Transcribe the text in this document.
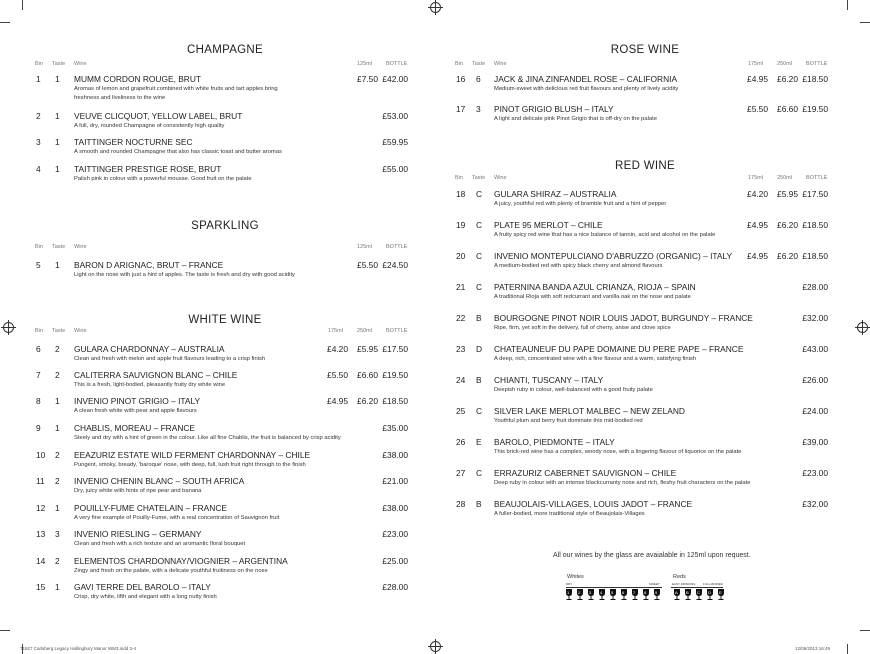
CHAMPAGNE
Bin Taste Wine	125ml	BOTTLE
1 1 MUMM CORDON ROUGE, BRUT
Aromas of lemon and grapefruit combined with white fruits and tart apples bring freshness and liveliness to the wine
£7.50 £42.00
2 1 VEUVE CLICQUOT, YELLOW LABEL, BRUT
A full, dry, rounded Champagne of consistently high quality
£53.00
3 1 TAITTINGER NOCTURNE SEC
A smooth and rounded Champagne that also has classic toast and butter aromas
£59.95
4 1 TAITTINGER PRESTIGE ROSE, BRUT
Palish pink in colour with a powerful mousse. Good fruit on the palate
£55.00
SPARKLING
Bin Taste Wine	125ml	BOTTLE
5 1 BARON D ARIGNAC, BRUT – FRANCE
Light on the nose with just a hint of apples. The taste is fresh and dry with good acidity
£5.50 £24.50
WHITE WINE
Bin Taste Wine	175ml	250ml	BOTTLE
6 2 GULARA CHARDONNAY – AUSTRALIA
Clean and fresh with melon and apple fruit flavours leading to a crisp finish
£4.20	£5.95 £17.50
7 2 CALITERRA SAUVIGNON BLANC – CHILE
This is a fresh, light-bodied, pleasantly fruity dry white wine
£5.50	£6.60 £19.50
8 1 INVENIO PINOT GRIGIO – ITALY
A clean fresh white with pear and apple flavours
£4.95	£6.20 £18.50
9 1 CHABLIS, MOREAU – FRANCE
Steely and dry with a hint of green in the colour. Like all fine Chablis, the fruit is balanced by crisp acidity
£35.00
10 2 EEAZURIZ ESTATE WILD FERMENT CHARDONNAY – CHILE
Pungent, smoky, bready, 'baroque' nose, with deep, full, lush fruit right through to the finish
£38.00
11 2 INVENIO CHENIN BLANC – SOUTH AFRICA
Dry, juicy white with hints of ripe pear and banana
£21.00
12 1 POUILLY-FUME CHATELAIN – FRANCE
A very fine example of Pouilly-Fume, with a real concentration of Sauvignon fruit
£38.00
13 3 INVENIO RIESLING – GERMANY
Clean and fresh with a rich texture and an aromantic floral bouquet
£23.00
14 2 ELEMENTOS CHARDONNAY/VIOGNIER – ARGENTINA
Zingy and fresh on the palate, with a delicate youthful fruitiness on the nose
£25.00
15 1 GAVI TERRE DEL BAROLO – ITALY
Crisp, dry white, lifth and elegant with a long nutty finish
£28.00
ROSE WINE
Bin Taste Wine	175ml	250ml	BOTTLE
16 6 JACK & JINA ZINFANDEL ROSE – CALIFORNIA
Medium-sweet with delicious red fruit flavours and plenty of lively acidity
£4.95	£6.20 £18.50
17 3 PINOT GRIGIO BLUSH – ITALY
A light and delicate pink Pinot Grigio that is off-dry on the palate
£5.50	£6.60 £19.50
RED WINE
Bin Taste Wine	175ml	250ml	BOTTLE
18 C GULARA SHIRAZ – AUSTRALIA
A juicy, youthful red with plenty of bramble fruit and a hint of pepper
£4.20	£5.95 £17.50
19 C PLATE 95 MERLOT – CHILE
A fruity spicy red wine that has a nice balance of tannin, acid and alcohol on the palate
£4.95	£6.20 £18.50
20 C INVENIO MONTEPULCIANO D'ABRUZZO (ORGANIC) – ITALY
A medium-bodied red with spicy black cherry and almond flavours
£4.95	£6.20 £18.50
21 C PATERNINA BANDA AZUL CRIANZA, RIOJA – SPAIN
A traditional Rioja with soft redcurrant and vanilla oak on the nose and palate
£28.00
22 B BOURGOGNE PINOT NOIR LOUIS JADOT, BURGUNDY – FRANCE
Ripe, firm, yet soft in the delivery, full of cherry, anise and clove spice
£32.00
23 D CHATEAUNEUF DU PAPE DOMAINE DU PERE PAPE – FRANCE
A deep, rich, concentrated wine with a fine flavour and a warm, satisfying finish
£43.00
24 B CHIANTI, TUSCANY – ITALY
Deepish ruby in colour, well-balanced with a good fruity palate
£26.00
25 C SILVER LAKE MERLOT MALBEC – NEW ZELAND
Youthful plum and berry fruit dominate this mid-bodied red
£24.00
26 E BAROLO, PIEDMONTE – ITALY
This brick-red wine has a complex, woody nose, with a lingering flavour of liquorice on the palate
£39.00
27 C ERRAZURIZ CABERNET SAUVIGNON – CHILE
Deep ruby in colour with an intense blackcurranty nose and rich, fleshy fruit characters on the palate
£23.00
28 B BEAUJOLAIS-VILLAGES, LOUIS JADOT – FRANCE
A fuller-bodied, more traditional style of Beaujolais-Villages
£32.00
All our wines by the glass are avaialable in 125ml upon request.
Whites	Reds
DRY	SWEET	EASY DRINKING	FULL-BODIED
1 2 3 4 5 6 7 8 9	A B C D E
71827 Carlsberg Legacy Hallingbury Manor WM3.indd 3-4	12/06/2013 16:49
